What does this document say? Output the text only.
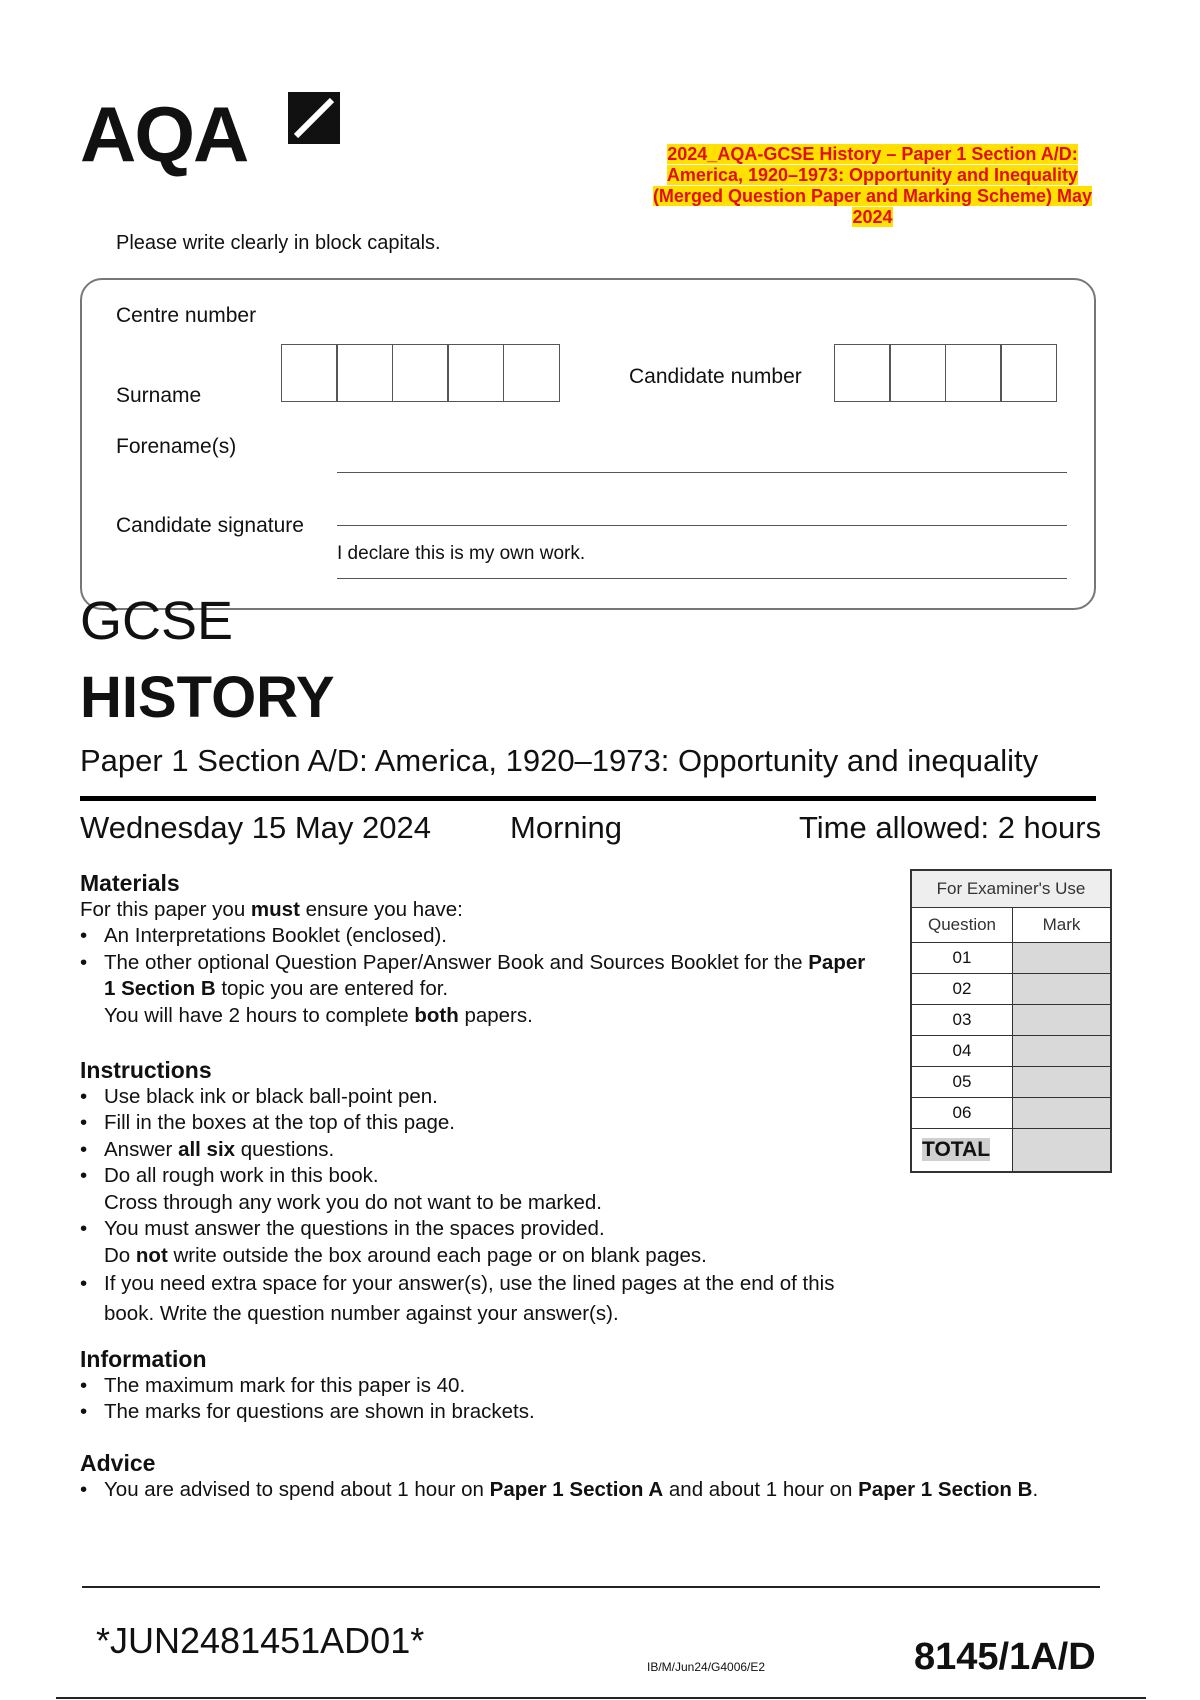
AQA	2024_AQA-GCSE History – Paper 1 Section A/D: America, 1920–1973: Opportunity and Inequality (Merged Question Paper and Marking Scheme) May 2024
Please write clearly in block capitals.
Centre number
Candidate number
Surname
Forename(s)
Candidate signature
I declare this is my own work.
GCSE
HISTORY
Paper 1 Section A/D: America, 1920–1973: Opportunity and inequality
Wednesday 15 May 2024	Morning	Time allowed: 2 hours
Materials

For this paper you must ensure you have:

• An Interpretations Booklet (enclosed).
• The other optional Question Paper/Answer Book and Sources Booklet for the Paper 1 Section B topic you are entered for.
You will have 2 hours to complete both papers.
Instructions
• Use black ink or black ball-point pen.
• Fill in the boxes at the top of this page.
• Answer all six questions.
• Do all rough work in this book.
Cross through any work you do not want to be marked.
• You must answer the questions in the spaces provided.
Do not write outside the box around each page or on blank pages.
• If you need extra space for your answer(s), use the lined pages at the end of this book. Write the question number against your answer(s).
Information
• The maximum mark for this paper is 40.
• The marks for questions are shown in brackets.
Advice
• You are advised to spend about 1 hour on Paper 1 Section A and about 1 hour on Paper 1 Section B.
For Examiner's Use	
Question	Mark
01	
02	
03	
04	
05	
06	
TOTAL	
*JUN2481451AD01*
IB/M/Jun24/G4006/E2	8145/1A/D
